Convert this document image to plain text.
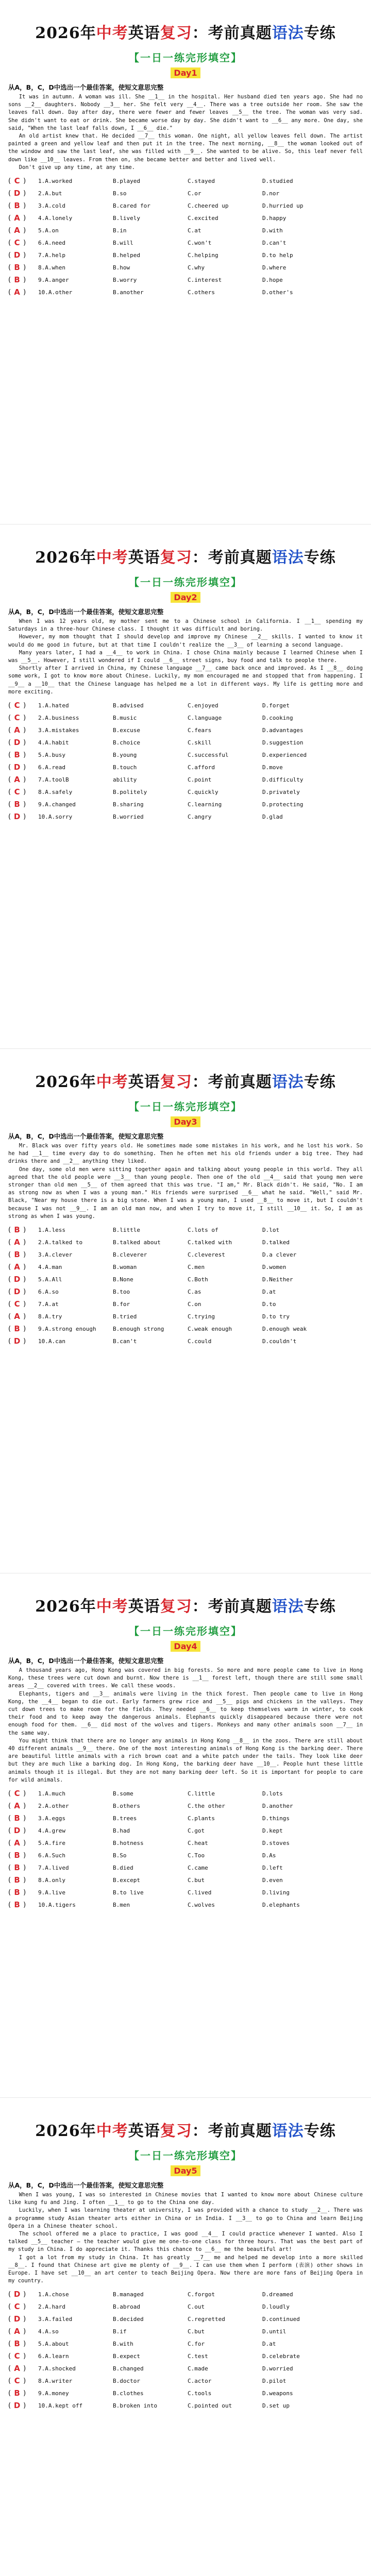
2026年中考英语复习：考前真题语法专练
【一日一练完形填空】
Day1
从A，B，C，D中选出一个最佳答案，使短文意思完整

It was in autumn. A woman was ill. She __1__ in the hospital. Her husband died ten years ago. She had no sons __2__ daughters. Nobody __3__ her. She felt very __4__. There was a tree outside her room. She saw the leaves fall down. Day after day, there were fewer and fewer leaves __5__ the tree. The woman was very sad. She didn't want to eat or drink. She became worse day by day. She didn't want to __6__ any more. One day, she said, "When the last leaf falls down, I __6__ die."

An old artist knew that. He decided __7__ this woman. One night, all yellow leaves fell down. The artist painted a green and yellow leaf and then put it in the tree. The next morning, __8__ the woman looked out of the window and saw the last leaf, she was filled with __9__. She wanted to be alive. So, this leaf never fell down like __10__ leaves. From then on, she became better and better and lived well.

Don't give up any time, at any time.

( C )	1.A.worked	B.played	C.stayed	D.studied
( D )	2.A.but	B.so	C.or	D.nor
( B )	3.A.cold	B.cared for	C.cheered up	D.hurried up
( A )	4.A.lonely	B.lively	C.excited	D.happy
( A )	5.A.on	B.in	C.at	D.with
( C )	6.A.need	B.will	C.won't	D.can't
( D )	7.A.help	B.helped	C.helping	D.to help
( B )	8.A.when	B.how	C.why	D.where
( B )	9.A.anger	B.worry	C.interest	D.hope
( A )	10.A.other	B.another	C.others	D.other's
2026年中考英语复习：考前真题语法专练
【一日一练完形填空】
Day2
从A，B，C，D中选出一个最佳答案，使短文意思完整

When I was 12 years old, my mother sent me to a Chinese school in California. I __1__ spending my Saturdays in a three-hour Chinese class. I thought it was difficult and boring.

However, my mom thought that I should develop and improve my Chinese __2__ skills. I wanted to know it would do me good in future, but at that time I couldn't realize the __3__ of learning a second language.

Many years later, I had a __4__ to work in China. I chose China mainly because I learned Chinese when I was __5__. However, I still wondered if I could __6__ street signs, buy food and talk to people there.

Shortly after I arrived in China, my Chinese language __7__ came back once and improved. As I __8__ doing some work, I got to know more about Chinese. Luckily, my mom encouraged me and stopped that from happening. I __9__ a __10__ that the Chinese language has helped me a lot in different ways. My life is getting more and more exciting.

( C )	1.A.hated	B.advised	C.enjoyed	D.forget
( C )	2.A.business	B.music	C.language	D.cooking
( A )	3.A.mistakes	B.excuse	C.fears	D.advantages
( D )	4.A.habit	B.choice	C.skill	D.suggestion
( B )	5.A.busy	B.young	C.successful	D.experienced
( D )	6.A.read	B.touch	C.afford	D.move
( A )	7.A.toolB	ability	C.point	D.difficulty
( C )	8.A.safely	B.politely	C.quickly	D.privately
( B )	9.A.changed	B.sharing	C.learning	D.protecting
( D )	10.A.sorry	B.worried	C.angry	D.glad
2026年中考英语复习：考前真题语法专练
【一日一练完形填空】
Day3
从A，B，C，D中选出一个最佳答案，使短文意思完整

Mr. Black was over fifty years old. He sometimes made some mistakes in his work, and he lost his work. So he had __1__ time every day to do something. Then he often met his old friends under a big tree. They had drinks there and __2__ anything they liked.

One day, some old men were sitting together again and talking about young people in this world. They all agreed that the old people were __3__ than young people. Then one of the old __4__ said that young men were stronger than old men __5__ of them agreed that this was true. "I am," Mr. Black didn't. He said, "No. I am as strong now as when I was a young man." His friends were surprised __6__ what he said. "Well," said Mr. Black, "Near my house there is a big stone. When I was a young man, I used __8__ to move it, but I couldn't because I was not __9__. I am an old man now, and when I try to move it, I still __10__ it. So, I am as strong as when I was young.

( B )	1.A.less	B.little	C.lots of	D.lot
( A )	2.A.talked to	B.talked about	C.talked with	D.talked
( B )	3.A.clever	B.cleverer	C.cleverest	D.a clever
( A )	4.A.man	B.woman	C.men	D.women
( D )	5.A.All	B.None	C.Both	D.Neither
( D )	6.A.so	B.too	C.as	D.at
( C )	7.A.at	B.for	C.on	D.to
( A )	8.A.try	B.tried	C.trying	D.to try
( B )	9.A.strong enough	B.enough strong	C.weak enough	D.enough weak
( D )	10.A.can	B.can't	C.could	D.couldn't
2026年中考英语复习：考前真题语法专练
【一日一练完形填空】
Day4
从A，B，C，D中选出一个最佳答案，使短文意思完整

A thousand years ago, Hong Kong was covered in big forests. So more and more people came to live in Hong Kong, these trees were cut down and burnt. Now there is __1__ forest left, though there are still some small areas __2__ covered with trees. We call these woods.

Elephants, tigers and __3__ animals were living in the thick forest. Then people came to live in Hong Kong, the __4__ began to die out. Early farmers grew rice and __5__ pigs and chickens in the valleys. They cut down trees to make room for the fields. They needed __6__ to keep themselves warm in winter, to cook their food and to keep away the dangerous animals. Elephants quickly disappeared because there were not enough food for them. __6__ did most of the wolves and tigers. Monkeys and many other animals soon __7__ in the same way.

You might think that there are no longer any animals in Hong Kong __8__ in the zoos. There are still about 40 different animals __9__ there. One of the most interesting animals of Hong Kong is the barking deer. There are beautiful little animals with a rich brown coat and a white patch under the tails. They look like deer but they are much like a barking dog. In Hong Kong, the barking deer have __10__. People hunt these little animals though it is illegal. But they are not many barking deer left. So it is important for people to care for wild animals.

( C )	1.A.much	B.some	C.little	D.lots
( A )	2.A.other	B.others	C.the other	D.another
( B )	3.A.eggs	B.trees	C.plants	D.things
( D )	4.A.grew	B.had	C.got	D.kept
( A )	5.A.fire	B.hotness	C.heat	D.stoves
( B )	6.A.Such	B.So	C.Too	D.As
( B )	7.A.lived	B.died	C.came	D.left
( B )	8.A.only	B.except	C.but	D.even
( B )	9.A.live	B.to live	C.lived	D.living
( B )	10.A.tigers	B.men	C.wolves	D.elephants
2026年中考英语复习：考前真题语法专练
【一日一练完形填空】
Day5
从A，B，C，D中选出一个最佳答案，使短文意思完整

When I was young, I was so interested in Chinese movies that I wanted to know more about Chinese culture like kung fu and Jing. I often __1__ to go to the China one day.

Luckily, when I was learning theater at university, I was provided with a chance to study __2__. There was a programme study Asian theater arts either in China or in India. I __3__ to go to China and learn Beijing Opera in a Chinese theater school.

The school offered me a place to practice, I was good __4__ I could practice whenever I wanted. Also I talked __5__ teacher — the teacher would give me one-to-one class for three hours. That was the best part of my study in China. I do appreciate it. Thanks this chance to __6__ me the beautiful art!

I got a lot from my study in China. It has greatly __7__ me and helped me develop into a more skilled __8__. I found that Chinese art give me plenty of __9__. I can use them when I perform (表演) other shows in Europe. I have set __10__ an art center to teach Beijing Opera. Now there are more fans of Beijing Opera in my country.

( D )	1.A.chose	B.managed	C.forgot	D.dreamed
( C )	2.A.hard	B.abroad	C.out	D.loudly
( D )	3.A.failed	B.decided	C.regretted	D.continued
( A )	4.A.so	B.if	C.but	D.until
( B )	5.A.about	B.with	C.for	D.at
( C )	6.A.learn	B.expect	C.test	D.celebrate
( A )	7.A.shocked	B.changed	C.made	D.worried
( C )	8.A.writer	B.doctor	C.actor	D.pilot
( B )	9.A.money	B.clothes	C.tools	D.weapons
( D )	10.A.kept off	B.broken into	C.pointed out	D.set up
